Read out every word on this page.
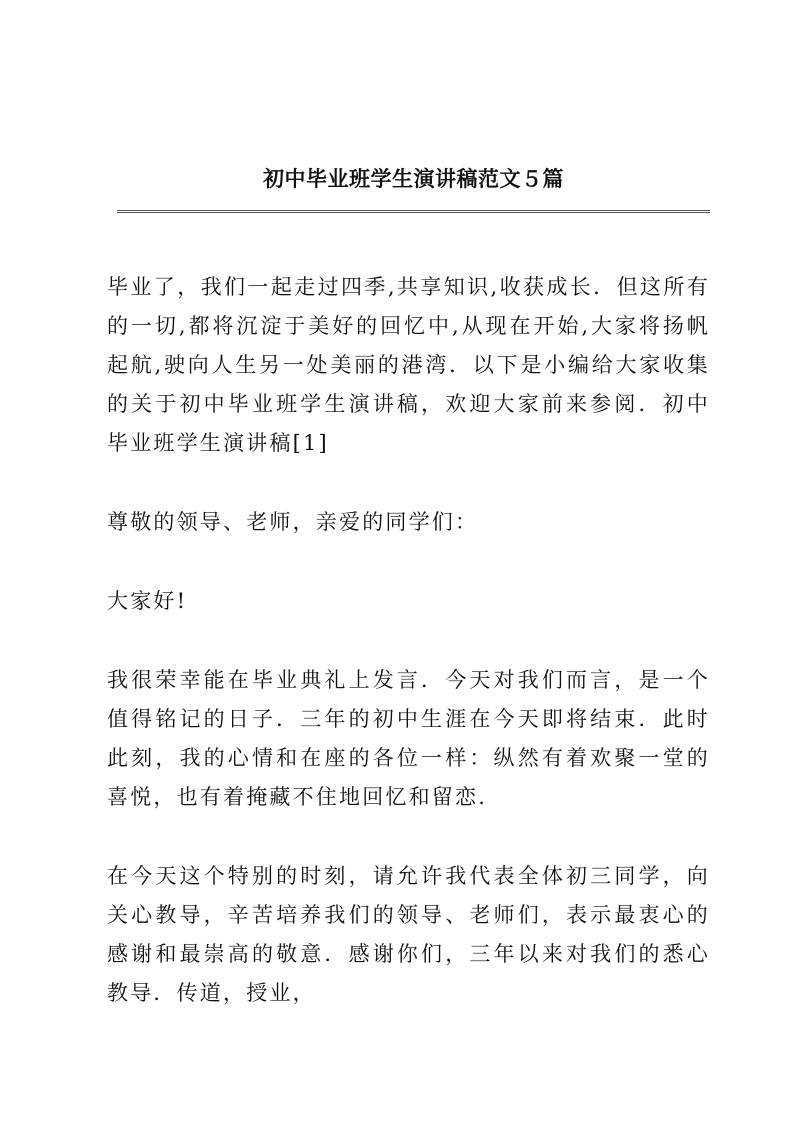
初中毕业班学生演讲稿范文５篇

毕业了，我们一起走过四季,共享知识,收获成长．但这所有的一切,都将沉淀于美好的回忆中,从现在开始,大家将扬帆起航,驶向人生另一处美丽的港湾．以下是小编给大家收集的关于初中毕业班学生演讲稿，欢迎大家前来参阅．初中毕业班学生演讲稿[1]

尊敬的领导、老师，亲爱的同学们：

大家好!

我很荣幸能在毕业典礼上发言．今天对我们而言，是一个值得铭记的日子．三年的初中生涯在今天即将结束．此时此刻，我的心情和在座的各位一样：纵然有着欢聚一堂的喜悦，也有着掩藏不住地回忆和留恋.

在今天这个特别的时刻，请允许我代表全体初三同学，向关心教导，辛苦培养我们的领导、老师们，表示最衷心的感谢和最崇高的敬意．感谢你们，三年以来对我们的悉心教导．传道，授业，
